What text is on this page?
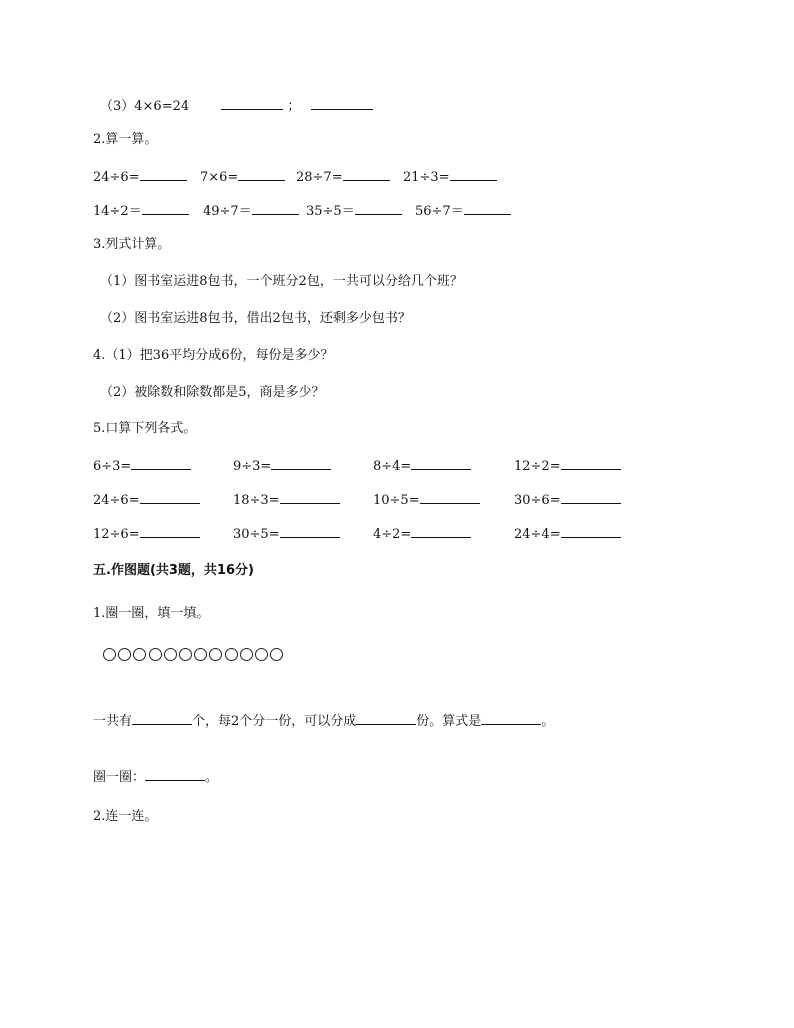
（3）4×6=24	；
2.算一算。
24÷6=	7×6=	28÷7=	21÷3=
14÷2＝	49÷7＝	35÷5＝	56÷7＝
3.列式计算。
（1）图书室运进8包书，一个班分2包，一共可以分给几个班？
（2）图书室运进8包书，借出2包书，还剩多少包书？
4.（1）把36平均分成6份，每份是多少？
（2）被除数和除数都是5，商是多少？
5.口算下列各式。
6÷3=	9÷3=	8÷4=	12÷2=
24÷6=	18÷3=	10÷5=	30÷6=
12÷6=	30÷5=	4÷2=	24÷4=
五.作图题(共3题，共16分)
1.圈一圈，填一填。
一共有	个，每2个分一份，可以分成	份。算式是	。
圈一圈：	。
2.连一连。
